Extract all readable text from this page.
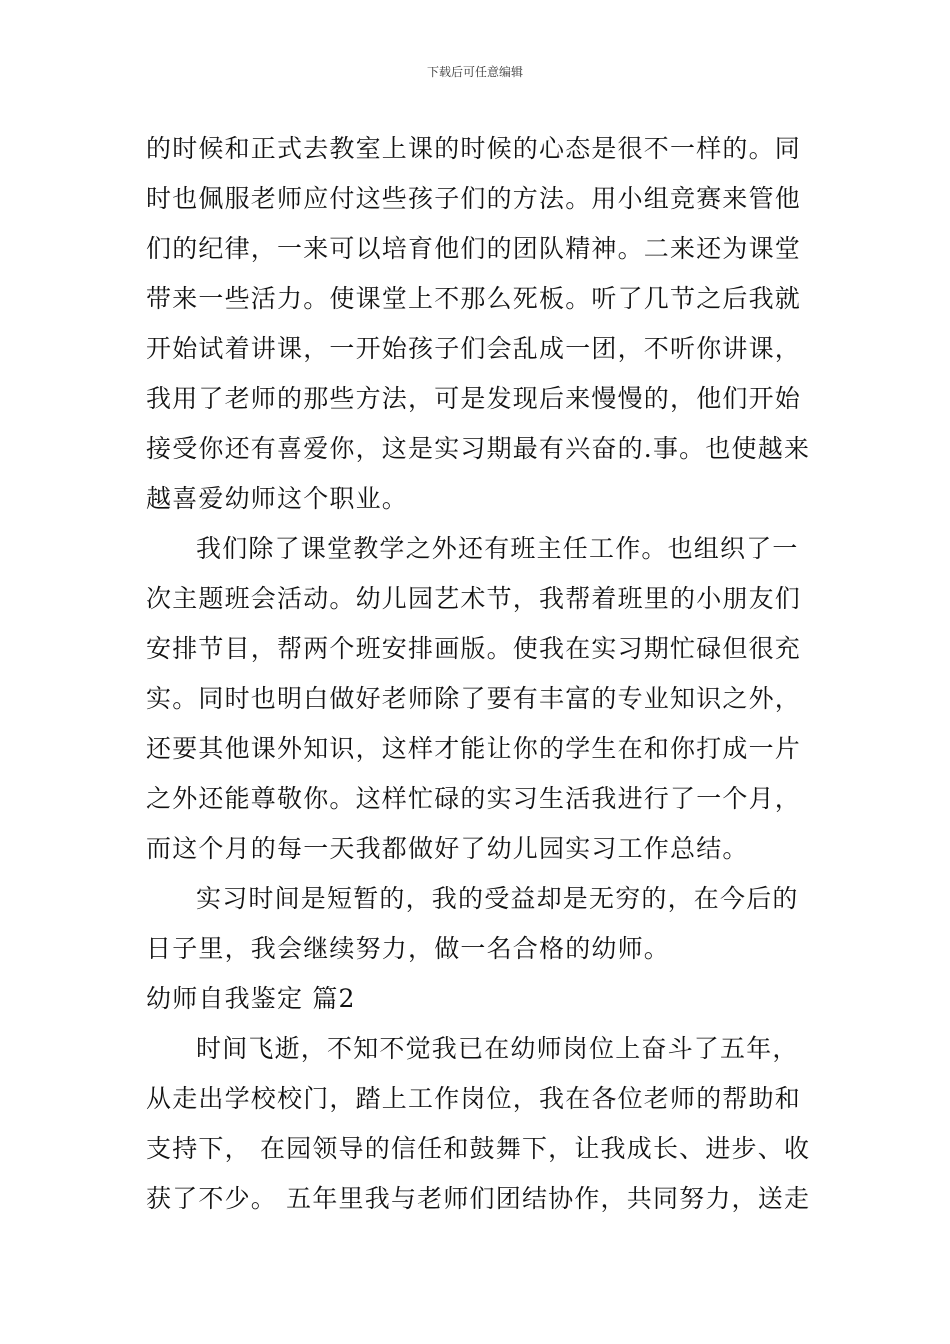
下载后可任意编辑
的时候和正式去教室上课的时候的心态是很不一样的。同
时也佩服老师应付这些孩子们的方法。用小组竞赛来管他
们的纪律，一来可以培育他们的团队精神。二来还为课堂
带来一些活力。使课堂上不那么死板。听了几节之后我就
开始试着讲课，一开始孩子们会乱成一团，不听你讲课，
我用了老师的那些方法，可是发现后来慢慢的，他们开始
接受你还有喜爱你，这是实习期最有兴奋的.事。也使越来
越喜爱幼师这个职业。
我们除了课堂教学之外还有班主任工作。也组织了一
次主题班会活动。幼儿园艺术节，我帮着班里的小朋友们
安排节目，帮两个班安排画版。使我在实习期忙碌但很充
实。同时也明白做好老师除了要有丰富的专业知识之外，
还要其他课外知识，这样才能让你的学生在和你打成一片
之外还能尊敬你。这样忙碌的实习生活我进行了一个月，
而这个月的每一天我都做好了幼儿园实习工作总结。
实习时间是短暂的，我的受益却是无穷的，在今后的
日子里，我会继续努力，做一名合格的幼师。
幼师自我鉴定 篇2
时间飞逝，不知不觉我已在幼师岗位上奋斗了五年，
从走出学校校门，踏上工作岗位，我在各位老师的帮助和
支持下， 在园领导的信任和鼓舞下，让我成长、进步、收
获了不少。 五年里我与老师们团结协作，共同努力，送走
